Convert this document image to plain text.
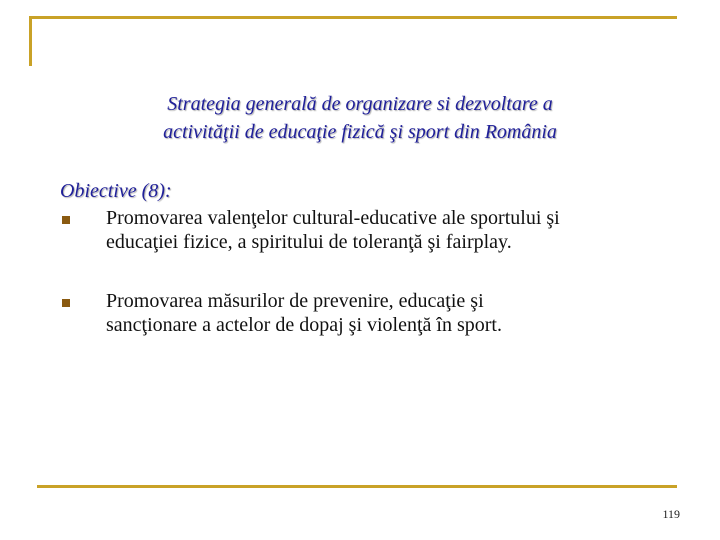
Strategia generală de organizare si dezvoltare a
activităţii de educaţie fizică şi sport din România
Obiective (8):
Promovarea valenţelor cultural-educative ale sportului şi
educaţiei fizice, a spiritului de toleranţă şi fairplay.
Promovarea măsurilor de prevenire, educaţie şi
sancţionare a actelor de dopaj şi violenţă în sport.
119
